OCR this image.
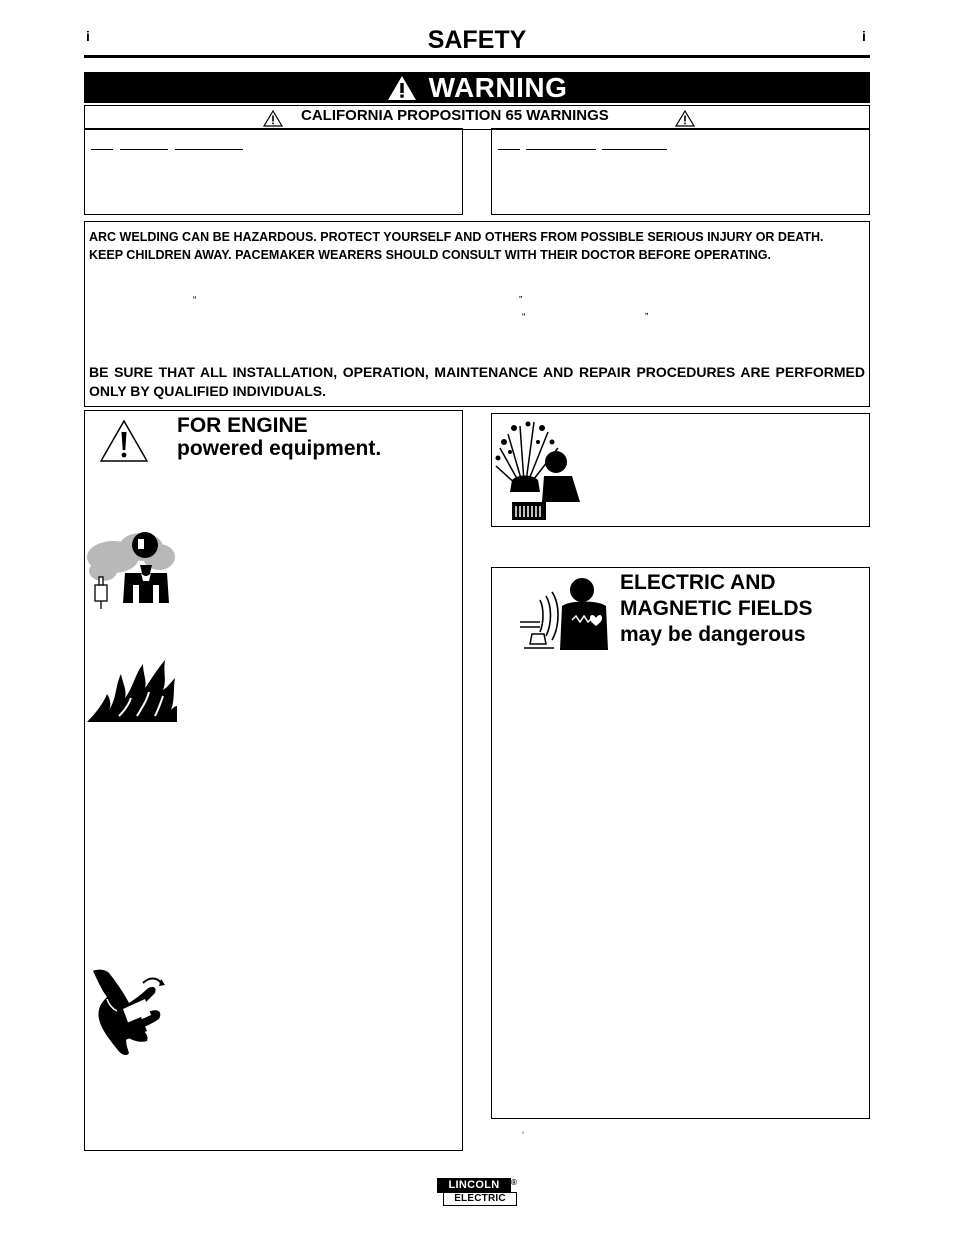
i	i
SAFETY
WARNING
CALIFORNIA PROPOSITION 65 WARNINGS
ARC WELDING CAN BE HAZARDOUS. PROTECT YOURSELF AND OTHERS FROM POSSIBLE SERIOUS INJURY OR DEATH.
KEEP CHILDREN AWAY. PACEMAKER WEARERS SHOULD CONSULT WITH THEIR DOCTOR BEFORE OPERATING.
“	”
“	”
BE SURE THAT ALL INSTALLATION, OPERATION, MAINTENANCE AND REPAIR PROCEDURES ARE PERFORMED ONLY BY QUALIFIED INDIVIDUALS.
FOR ENGINE
powered equipment.
ELECTRIC AND
MAGNETIC FIELDS
may be dangerous
‘
LINCOLN	®
ELECTRIC
